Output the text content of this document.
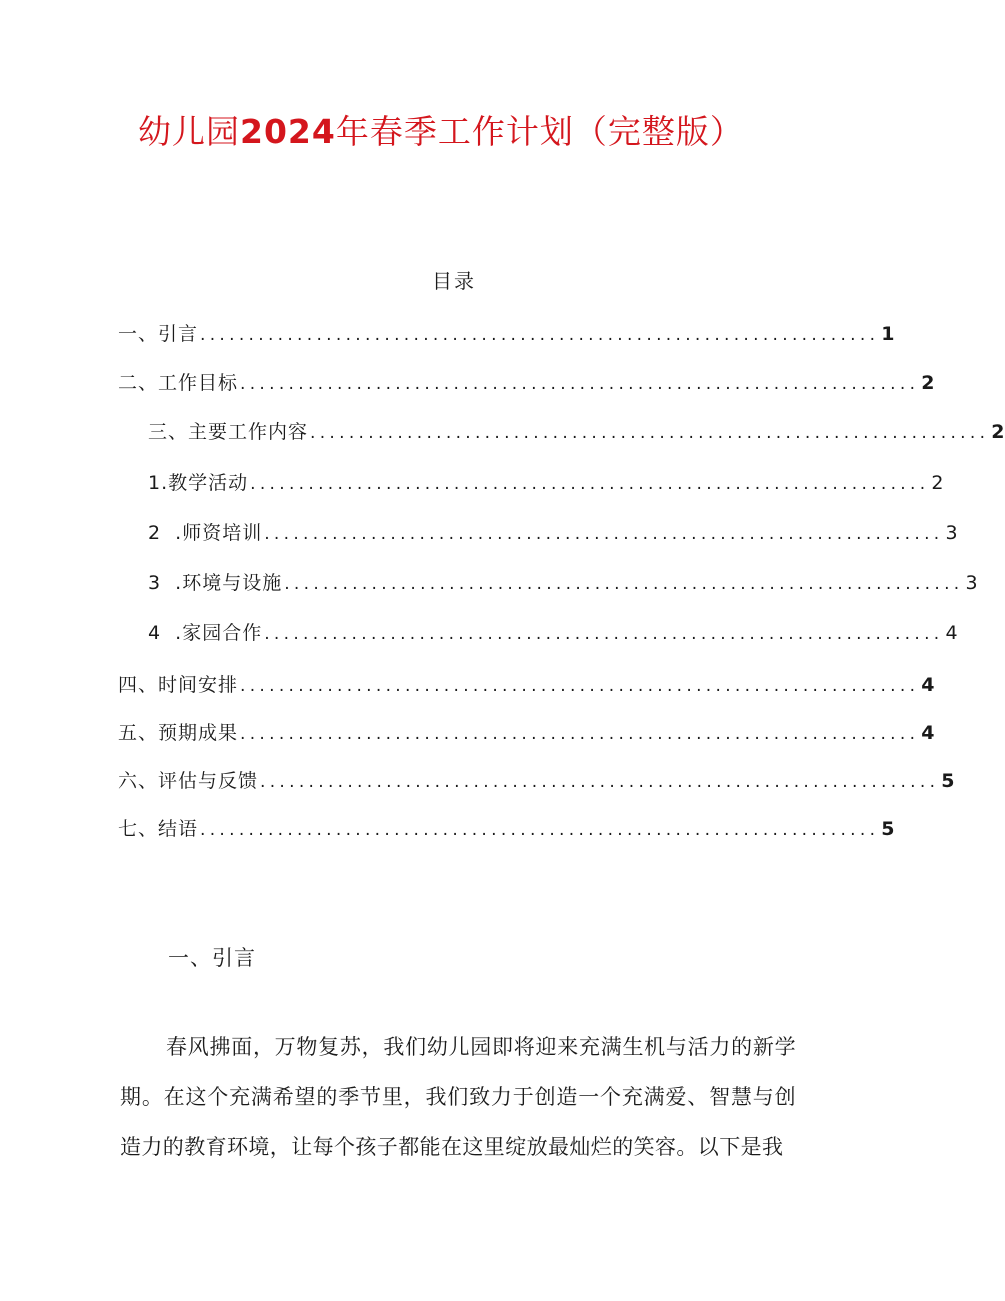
幼儿园2024年春季工作计划（完整版）
目录
一、引言 ...................................................................... 1
二、工作目标 ...................................................................... 2
三、主要工作内容 ...................................................................... 2
1.教学活动 ...................................................................... 2
2  .师资培训 ...................................................................... 3
3  .环境与设施 ...................................................................... 3
4  .家园合作 ...................................................................... 4
四、时间安排 ...................................................................... 4
五、预期成果 ...................................................................... 4
六、评估与反馈 ...................................................................... 5
七、结语 ...................................................................... 5
一、引言
春风拂面，万物复苏，我们幼儿园即将迎来充满生机与活力的新学期。在这个充满希望的季节里，我们致力于创造一个充满爱、智慧与创造力的教育环境，让每个孩子都能在这里绽放最灿烂的笑容。以下是我
